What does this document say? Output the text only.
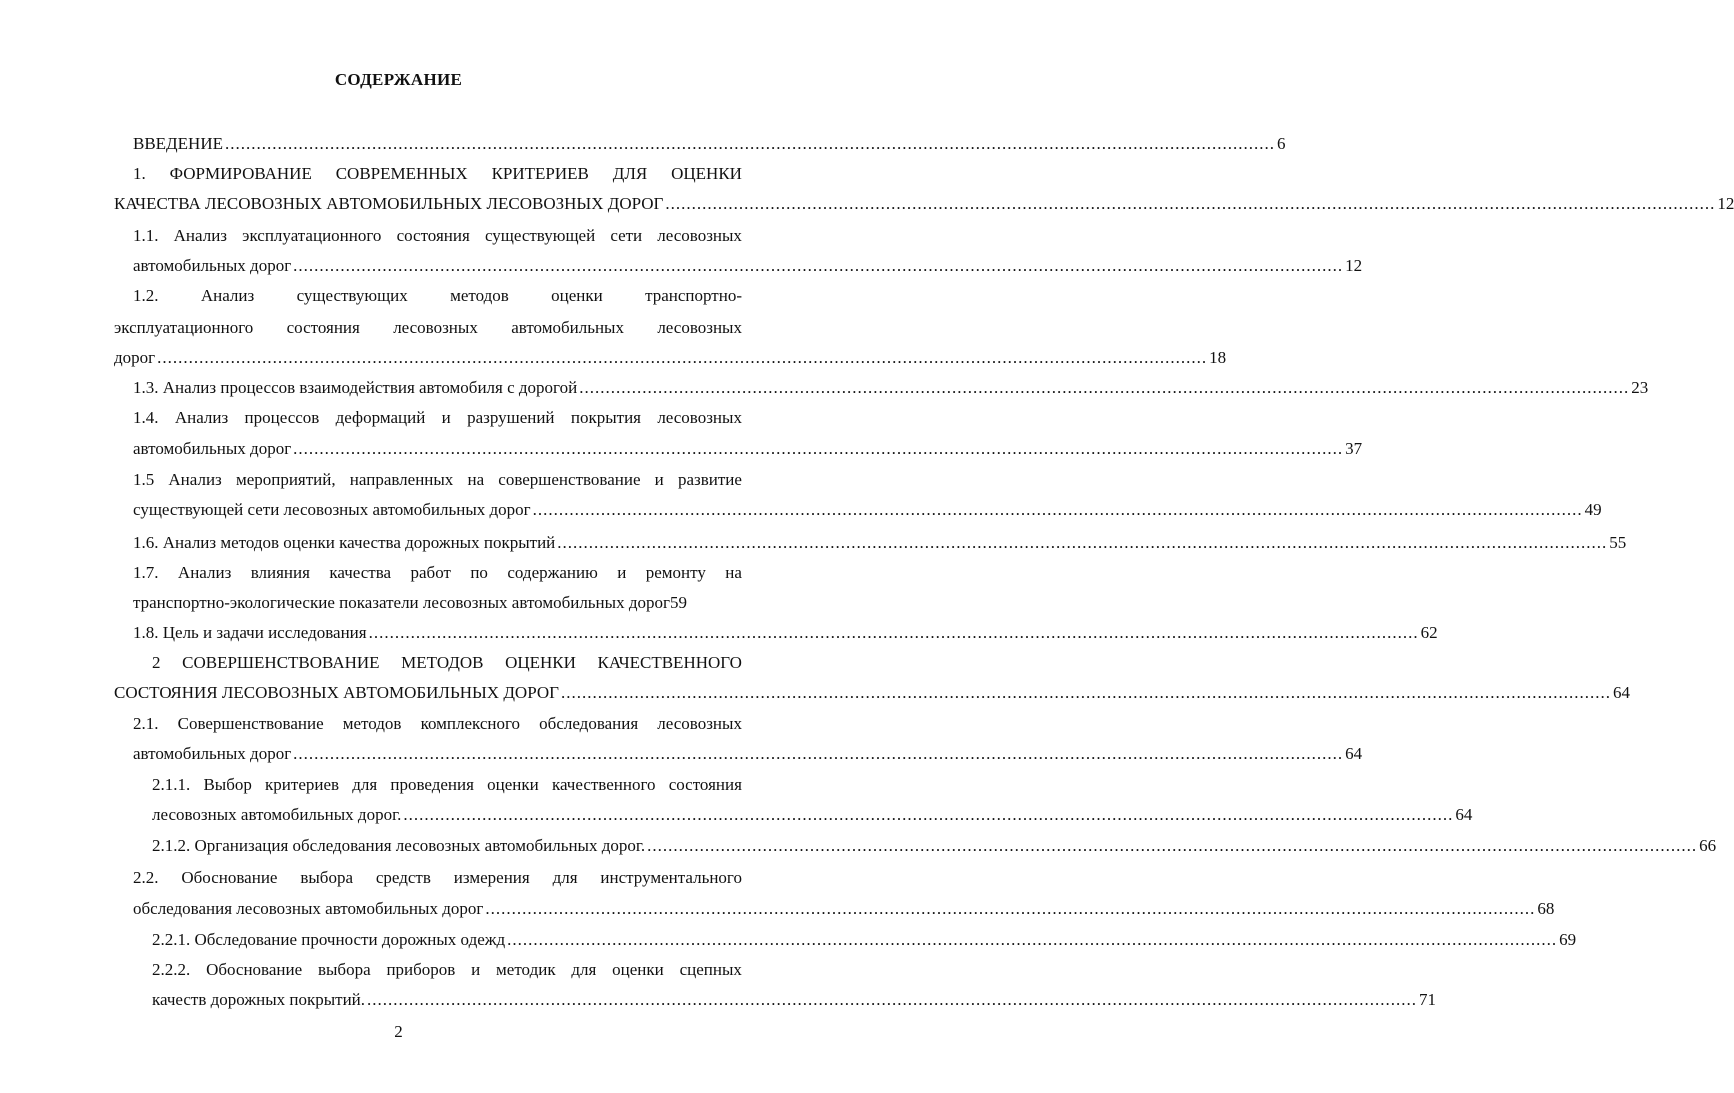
СОДЕРЖАНИЕ
ВВЕДЕНИЕ ........................................................................................................................................................................................................ 6
1. ФОРМИРОВАНИЕ СОВРЕМЕННЫХ КРИТЕРИЕВ ДЛЯ ОЦЕНКИ
КАЧЕСТВА ЛЕСОВОЗНЫХ АВТОМОБИЛЬНЫХ ЛЕСОВОЗНЫХ ДОРОГ ........................................................................................................................................................................................................ 12
1.1. Анализ эксплуатационного состояния существующей сети лесовозных
автомобильных дорог ........................................................................................................................................................................................................ 12
1.2. Анализ существующих методов оценки транспортно-
эксплуатационного состояния лесовозных автомобильных лесовозных
дорог ........................................................................................................................................................................................................ 18
1.3. Анализ процессов взаимодействия автомобиля с дорогой ........................................................................................................................................................................................................ 23
1.4. Анализ процессов деформаций и разрушений покрытия лесовозных
автомобильных дорог ........................................................................................................................................................................................................ 37
1.5 Анализ мероприятий, направленных на совершенствование и развитие
существующей сети лесовозных автомобильных дорог ........................................................................................................................................................................................................ 49
1.6. Анализ методов оценки качества дорожных покрытий ........................................................................................................................................................................................................ 55
1.7. Анализ влияния качества работ по содержанию и ремонту на
транспортно-экологические показатели лесовозных автомобильных дорог59
1.8. Цель и задачи исследования ........................................................................................................................................................................................................ 62
2 СОВЕРШЕНСТВОВАНИЕ МЕТОДОВ ОЦЕНКИ КАЧЕСТВЕННОГО
СОСТОЯНИЯ ЛЕСОВОЗНЫХ АВТОМОБИЛЬНЫХ ДОРОГ ........................................................................................................................................................................................................ 64
2.1. Совершенствование методов комплексного обследования лесовозных
автомобильных дорог ........................................................................................................................................................................................................ 64
2.1.1. Выбор критериев для проведения оценки качественного состояния
лесовозных автомобильных дорог. ........................................................................................................................................................................................................ 64
2.1.2. Организация обследования лесовозных автомобильных дорог. ........................................................................................................................................................................................................ 66
2.2. Обоснование выбора средств измерения для инструментального
обследования лесовозных автомобильных дорог ........................................................................................................................................................................................................ 68
2.2.1. Обследование прочности дорожных одежд ........................................................................................................................................................................................................ 69
2.2.2. Обоснование выбора приборов и методик для оценки сцепных
качеств дорожных покрытий. ........................................................................................................................................................................................................ 71
2
